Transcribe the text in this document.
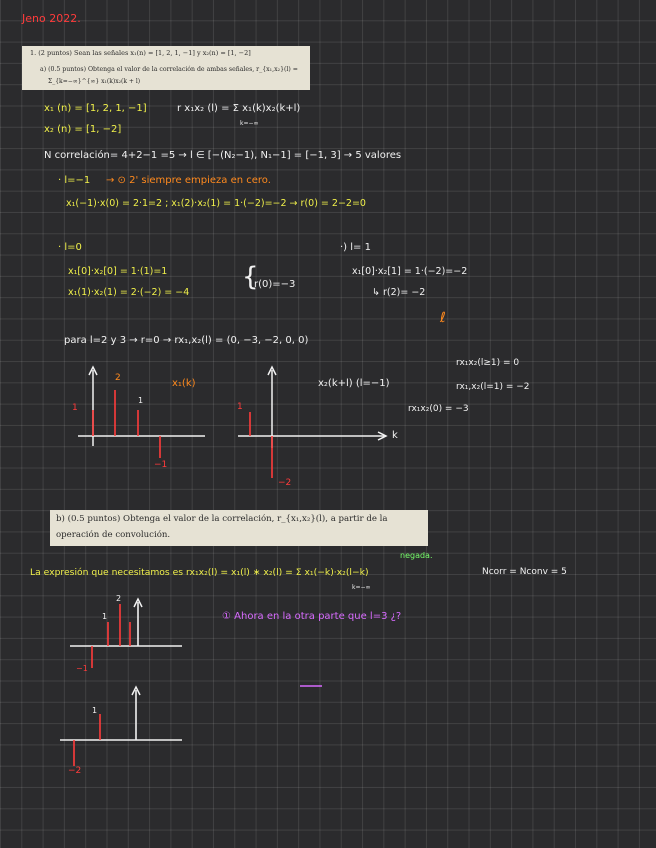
Jeno 2022.
1. (2 puntos) Sean las señales x₁(n) = [1, 2, 1, −1] y x₂(n) = [1, −2]
a) (0.5 puntos) Obtenga el valor de la correlación de ambas señales, r_{x₁,x₂}(l) =
Σ_{k=−∞}^{∞} x₁(k)x₂(k + l)
x₁ (n) = [1, 2, 1, −1]	r x₁x₂ (l) = Σ x₁(k)x₂(k+l)
k=−∞
x₂ (n) = [1, −2]
N correlación= 4+2−1 =5 → l ∈ [−(N₂−1), N₁−1] = [−1, 3] → 5 valores
· l=−1 → ⊙ 2' siempre empieza en cero.
x₁(−1)·x(0) = 2·1=2 ; x₁(2)·x₂(1) = 1·(−2)=−2 → r(0) = 2−2=0
· l=0
x₁[0]·x₂[0] = 1·(1)=1
x₁(1)·x₂(1) = 2·(−2) = −4
{
r(0)=−3
·) l= 1
x₁[0]·x₂[1] = 1·(−2)=−2
↳ r(2)= −2
ℓ
para l=2 y 3 → r=0 → rx₁,x₂(l) = (0, −3, −2, 0, 0)
1
2
1
−1
x₁(k)
1
−2
x₂(k+l) (l=−1)
k
rx₁x₂(l≥1) = 0
rx₁,x₂(l=1) = −2
rx₁x₂(0) = −3
b) (0.5 puntos) Obtenga el valor de la correlación, r_{x₁,x₂}(l), a partir de la
operación de convolución.
negada.
La expresión que necesitamos es rx₁x₂(l) = x₁(l) ∗ x₂(l) = Σ x₁(−k)·x₂(l−k)
k=−∞
Ncorr = Nconv = 5
① Ahora en la otra parte que l=3 ¿?
1
2
−1
1
−2
